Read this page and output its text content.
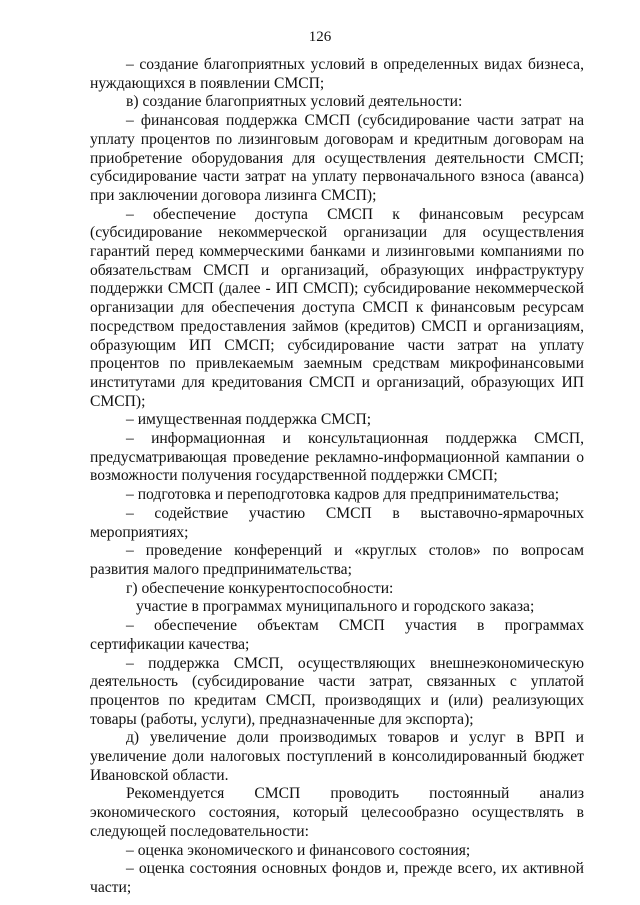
126

– создание благоприятных условий в определенных видах бизнеса, нуждающихся в появлении СМСП;

в) создание благоприятных условий деятельности:

– финансовая поддержка СМСП (субсидирование части затрат на уплату процентов по лизинговым договорам и кредитным договорам на приобретение оборудования для осуществления деятельности СМСП; субсидирование части затрат на уплату первоначального взноса (аванса) при заключении договора лизинга СМСП);

– обеспечение доступа СМСП к финансовым ресурсам (субсидирование некоммерческой организации для осуществления гарантий перед коммерческими банками и лизинговыми компаниями по обязательствам СМСП и организаций, образующих инфраструктуру поддержки СМСП (далее - ИП СМСП); субсидирование некоммерческой организации для обеспечения доступа СМСП к финансовым ресурсам посредством предоставления займов (кредитов) СМСП и организациям, образующим ИП СМСП; субсидирование части затрат на уплату процентов по привлекаемым заемным средствам микрофинансовыми институтами для кредитования СМСП и организаций, образующих ИП СМСП);

– имущественная поддержка СМСП;

– информационная и консультационная поддержка СМСП, предусматривающая проведение рекламно-информационной кампании о возможности получения государственной поддержки СМСП;

– подготовка и переподготовка кадров для предпринимательства;

– содействие участию СМСП в выставочно-ярмарочных мероприятиях;

– проведение конференций и «круглых столов» по вопросам развития малого предпринимательства;

г) обеспечение конкурентоспособности:

участие в программах муниципального и городского заказа;

– обеспечение объектам СМСП участия в программах сертификации качества;

– поддержка СМСП, осуществляющих внешнеэкономическую деятельность (субсидирование части затрат, связанных с уплатой процентов по кредитам СМСП, производящих и (или) реализующих товары (работы, услуги), предназначенные для экспорта);

д) увеличение доли производимых товаров и услуг в ВРП и увеличение доли налоговых поступлений в консолидированный бюджет Ивановской области.

Рекомендуется СМСП проводить постоянный анализ экономического состояния, который целесообразно осуществлять в следующей последовательности:

– оценка экономического и финансового состояния;

– оценка состояния основных фондов и, прежде всего, их активной части;
